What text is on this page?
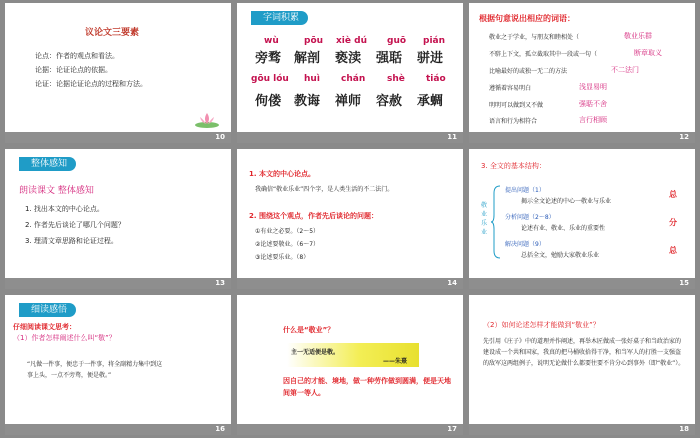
议论文三要素
论点：作者的观点和看法。
论据：论证论点的依据。
论证：论据论证论点的过程和方法。
10
字词积累
wù	pōu xiè dú guō pián
旁骛 解剖 亵渎 强聒 骈进
gōu lóu huì chán shè tiáo
佝偻 教诲 禅师 容赦 承蜩
11
根据句意说出相应的词语：
敬业之于学业，与朋友和睦相处（	敬业乐群
不騂上下文，孤立截取其中一段或一句（	断章取义
比喻最好的或独一无二的方法	不二法门
遵循着容易明白	浅显易明
明明可以做到又不做	强聒不舍
语言和行为相符合	言行相顾
12
整体感知
朗读课文 整体感知
1. 找出本文的中心论点。
2. 作者先后谈论了哪几个问题？
3. 理清文章思路和论证过程。
13
1. 本文的中心论点。
我确信“敬业乐业”四个字，是人类生活的不二法门。
2. 围绕这个观点，作者先后谈论的问题：
①有业之必要。（2～5）
②论述要敬业。（6～7）
③论述要乐业。（8）
14
3. 全文的基本结构：
敬业乐业
提出问题（1）
揭示全文论述的中心一敬业与乐业
总
分析问题（2～8）
论述有业、敬业、乐业的重要性
分
解决问题（9）
总括全文，勉励大家敬业乐业
总
15
细读感悟
仔细阅读课文思考：
（1）作者怎样阐述什么叫“敬”？
“凡做一件事，便忠于一件事，将全副精力集中到这
事上头，一点不旁骛，便是敬。”
16
什么是“敬业”？
主一无适便是敬。
——朱熹
因自己的才能、境地，做一种劳作做到圆满，便是天地间第一等人。
17
（2）如何论述怎样才能做到“敬业”？
先引用《庄子》中的道理并作阐述，再举木匠做成一张好桌子和当政治家的建设成一个共和国家，我真的把马桶收拾得干净，和当军人的打胜一支强盗的敌军这两组例子，说明无论做什么都要往要不肯分心到事外（即“敬业”）。
18
